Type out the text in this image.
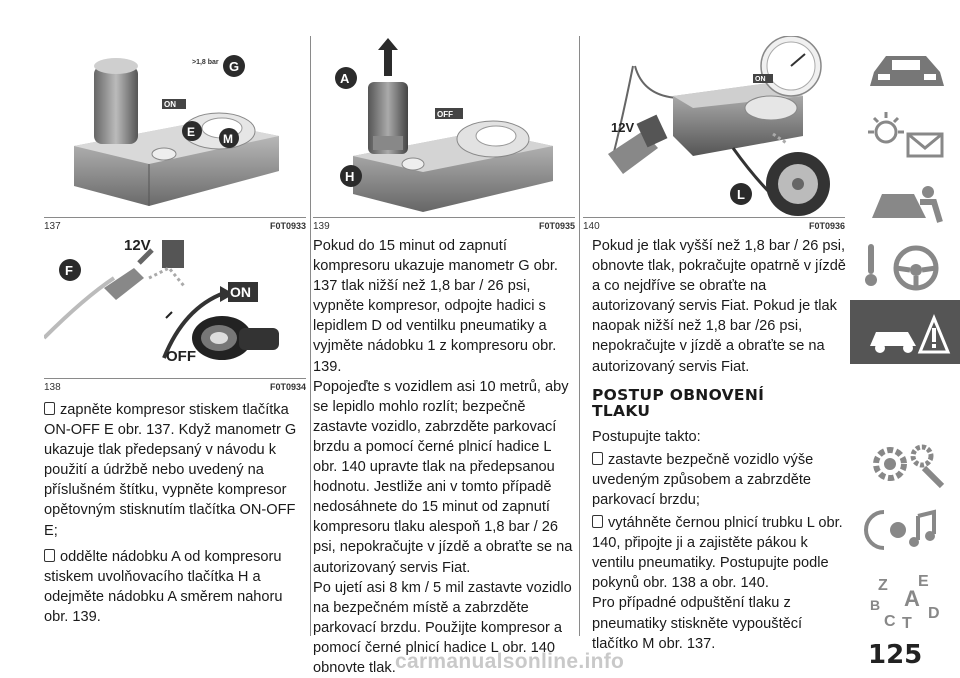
ON
>1,8 bar G
E M
137	F0T0933
12V
ON
OFF
F
138	F0T0934

zapněte kompresor stiskem tlačítka ON-OFF E obr. 137. Když manometr G ukazuje tlak předepsaný v návodu k použití a údržbě nebo uvedený na příslušném štítku, vypněte kompresor opětovným stisknutím tlačítka ON-OFF E;

oddělte nádobku A od kompresoru stiskem uvolňovacího tlačítka H a odejměte nádobku A směrem nahoru obr. 139.

OFF
A
H
139	F0T0935

Pokud do 15 minut od zapnutí kompresoru ukazuje manometr G obr. 137 tlak nižší než 1,8 bar / 26 psi, vypněte kompresor, odpojte hadici s lepidlem D od ventilku pneumatiky a vyjměte nádobku 1 z kompresoru obr. 139.

Popojeďte s vozidlem asi 10 metrů, aby se lepidlo mohlo rozlít; bezpečně zastavte vozidlo, zabrzděte parkovací brzdu a pomocí černé plnicí hadice L obr. 140 upravte tlak na předepsanou hodnotu. Jestliže ani v tomto případě nedosáhnete do 15 minut od zapnutí kompresoru tlaku alespoň 1,8 bar / 26 psi, nepokračujte v jízdě a obraťte se na autorizovaný servis Fiat.

Po ujetí asi 8 km / 5 mil zastavte vozidlo na bezpečném místě a zabrzděte parkovací brzdu. Použijte kompresor a pomocí černé plnicí hadice L obr. 140 obnovte tlak.

ON
12V
L
140	F0T0936

Pokud je tlak vyšší než 1,8 bar / 26 psi, obnovte tlak, pokračujte opatrně v jízdě a co nejdříve se obraťte na autorizovaný servis Fiat. Pokud je tlak naopak nižší než 1,8 bar /26 psi, nepokračujte v jízdě a obraťte se na autorizovaný servis Fiat.

POSTUP OBNOVENÍ
TLAKU

Postupujte takto:

zastavte bezpečně vozidlo výše uvedeným způsobem a zabrzděte parkovací brzdu;

vytáhněte černou plnicí trubku L obr. 140, připojte ji a zajistěte pákou k ventilu pneumatiky. Postupujte podle pokynů obr. 138 a obr. 140.

Pro případné odpuštění tlaku z pneumatiky stiskněte vypouštěcí tlačítko M obr. 137.

Z E
A
B
C T
D
125
carmanualsonline.info
